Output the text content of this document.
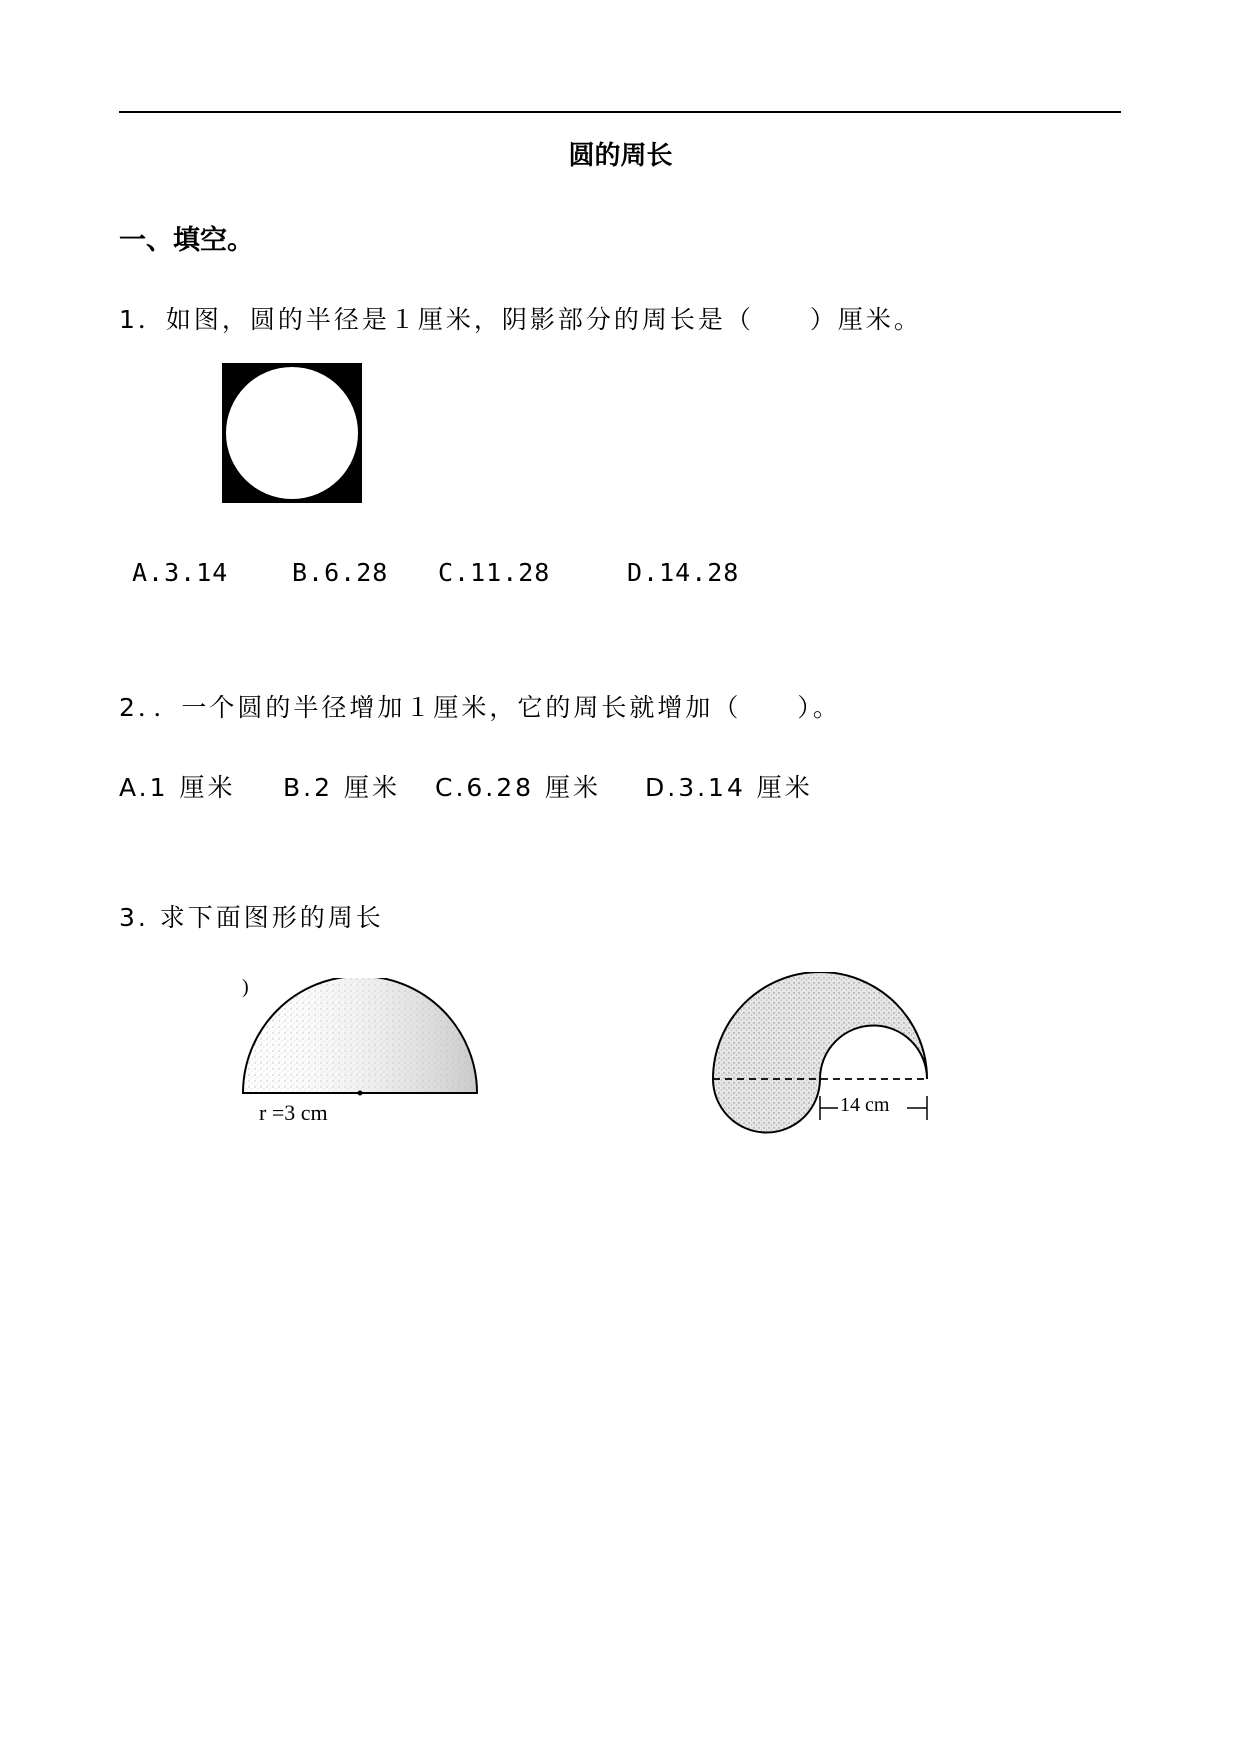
圆的周长
一、填空。
1．如图，圆的半径是１厘米，阴影部分的周长是（　　）厘米。
A.3.14	B.6.28 C.11.28	D.14.28
2．．一个圆的半径增加１厘米，它的周长就增加（　　）。
A.1 厘米 B.2 厘米 C.6.28 厘米 D.3.14 厘米
3. 求下面图形的周长
)
r =3 cm	14 cm
